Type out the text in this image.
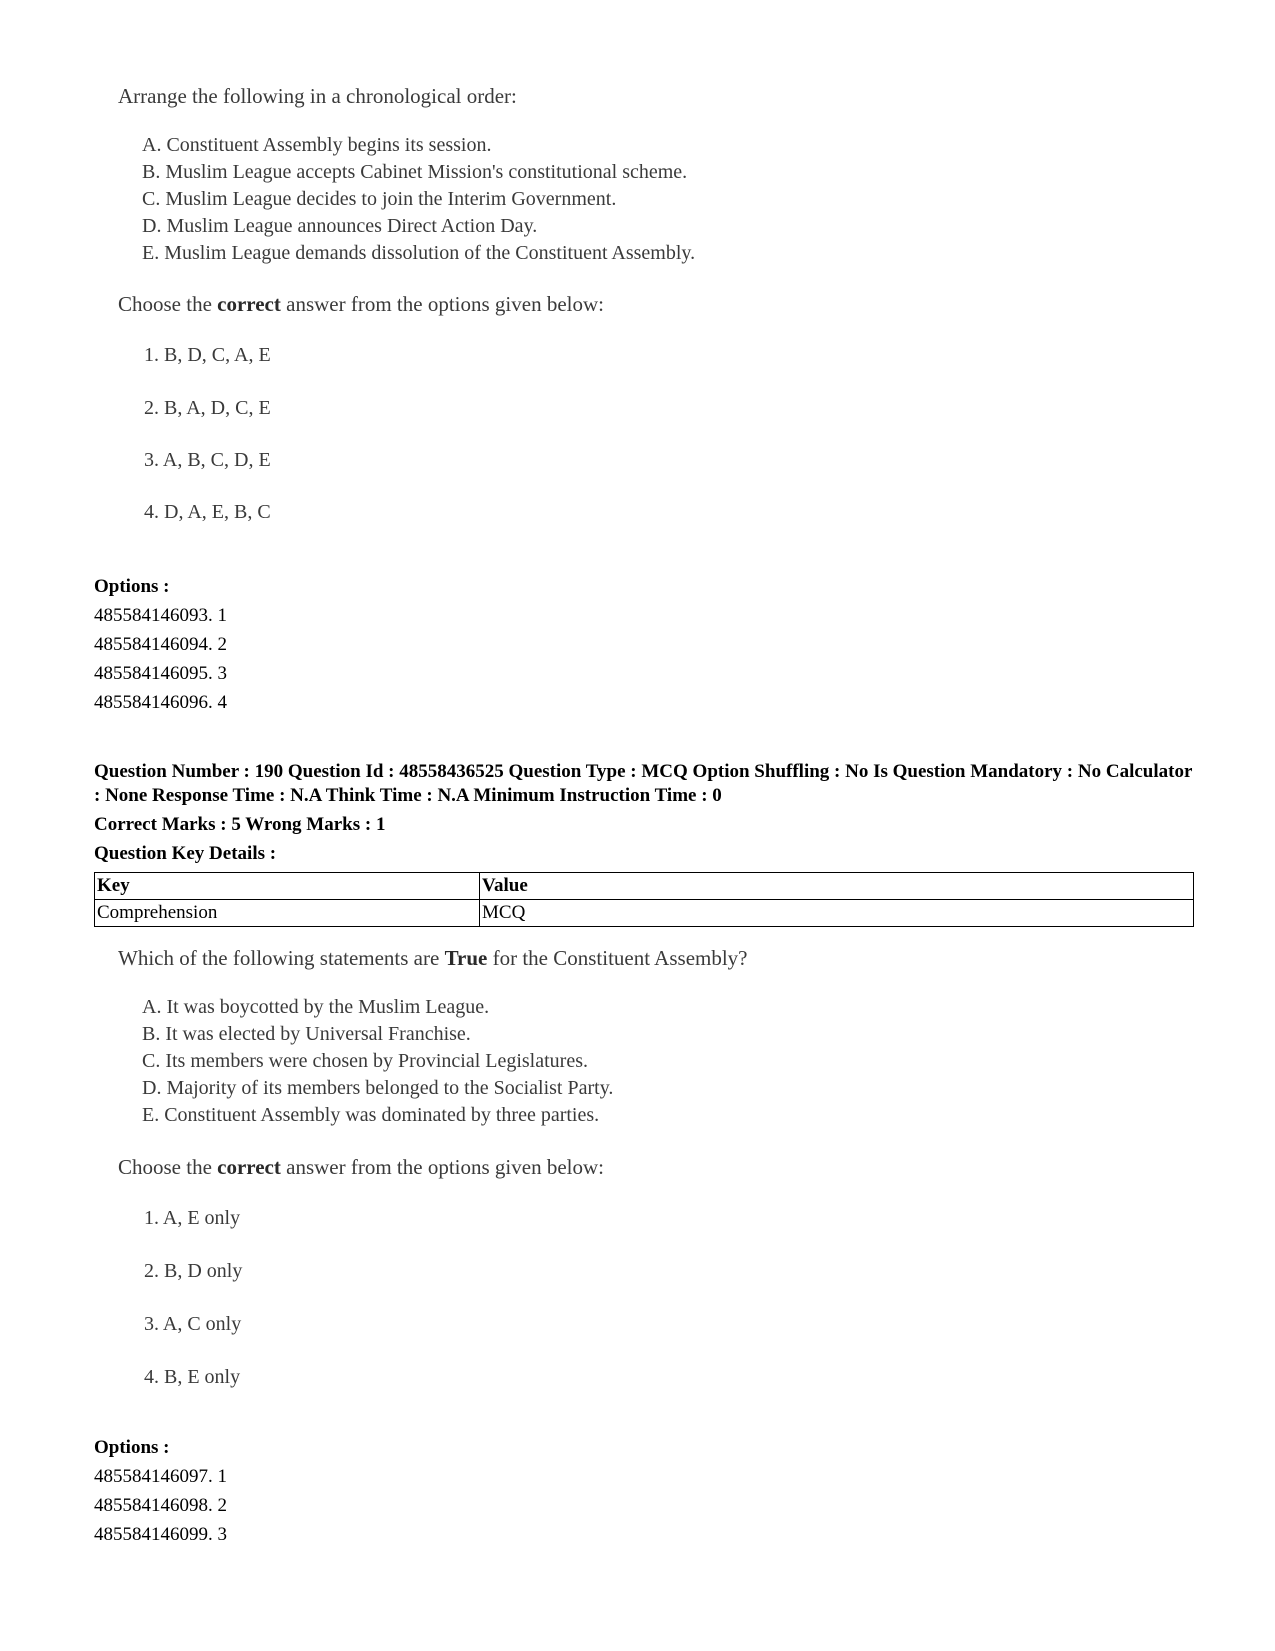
Arrange the following in a chronological order:
A. Constituent Assembly begins its session.
B. Muslim League accepts Cabinet Mission's constitutional scheme.
C. Muslim League decides to join the Interim Government.
D. Muslim League announces Direct Action Day.
E. Muslim League demands dissolution of the Constituent Assembly.
Choose the correct answer from the options given below:
1. B, D, C, A, E
2. B, A, D, C, E
3. A, B, C, D, E
4. D, A, E, B, C
Options :
485584146093. 1
485584146094. 2
485584146095. 3
485584146096. 4
Question Number : 190 Question Id : 48558436525 Question Type : MCQ Option Shuffling : No Is Question Mandatory : No Calculator : None Response Time : N.A Think Time : N.A Minimum Instruction Time : 0
Correct Marks : 5 Wrong Marks : 1
Question Key Details :
Key	Value
Comprehension	MCQ
Which of the following statements are True for the Constituent Assembly?
A. It was boycotted by the Muslim League.
B. It was elected by Universal Franchise.
C. Its members were chosen by Provincial Legislatures.
D. Majority of its members belonged to the Socialist Party.
E. Constituent Assembly was dominated by three parties.
Choose the correct answer from the options given below:
1. A, E only
2. B, D only
3. A, C only
4. B, E only
Options :
485584146097. 1
485584146098. 2
485584146099. 3
